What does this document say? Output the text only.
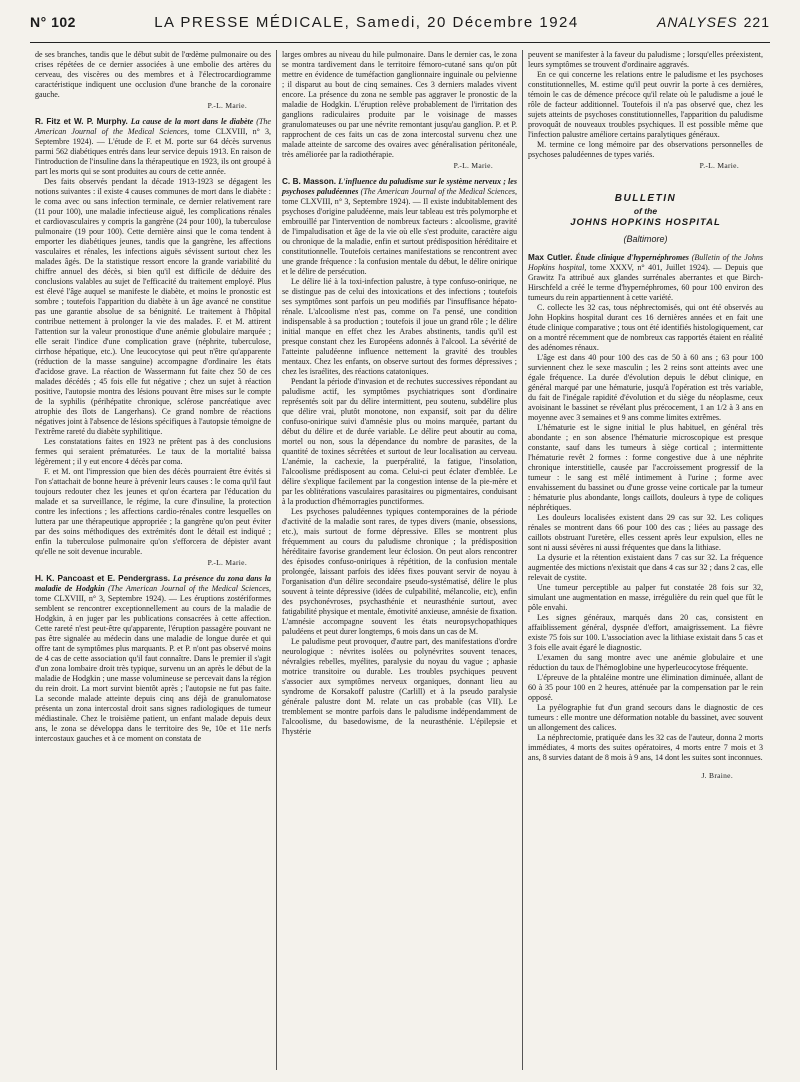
N° 102	LA PRESSE MÉDICALE, Samedi, 20 Décembre 1924	ANALYSES 221

de ses branches, tandis que le début subit de l'œdème pulmonaire ou des crises répétées de ce dernier associées à une embolie des artères du cerveau, des viscères ou des membres et à l'électrocardiogramme caractéristique indiquent une occlusion d'une branche de la coronaire gauche.

P.-L. Marie.

R. Fitz et W. P. Murphy. La cause de la mort dans le diabète (The American Journal of the Medical Sciences, tome CLXVIII, n° 3, Septembre 1924). — L'étude de F. et M. porte sur 64 décès survenus parmi 562 diabétiques entrés dans leur service depuis 1913. En raison de l'introduction de l'insuline dans la thérapeutique en 1923, ils ont groupé à part les morts qui se sont produites au cours de cette année.

Des faits observés pendant la décade 1913-1923 se dégagent les notions suivantes : il existe 4 causes communes de mort dans le diabète : le coma avec ou sans infection terminale, ce dernier relativement rare (11 pour 100), une maladie infectieuse aiguë, les complications rénales et cardiovasculaires y compris la gangrène (24 pour 100), la tuberculose pulmonaire (19 pour 100). Cette dernière ainsi que le coma tendent à emporter les diabétiques jeunes, tandis que la gangrène, les affections vasculaires et rénales, les infections aiguës sévissent surtout chez les malades âgés. De la statistique ressort encore la grande variabilité du chiffre annuel des décès, si bien qu'il est difficile de déduire des conclusions valables au sujet de l'efficacité du traitement employé. Plus est élevé l'âge auquel se manifeste le diabète, et moins le pronostic est sombre ; toutefois l'apparition du diabète à un âge avancé ne constitue pas une garantie absolue de sa bénignité. Le traitement à l'hôpital contribue nettement à prolonger la vie des malades. F. et M. attirent l'attention sur la valeur pronostique d'une anémie globulaire marquée ; elle serait l'indice d'une complication grave (néphrite, tuberculose, cirrhose hépatique, etc.). Une leucocytose qui peut n'être qu'apparente (réduction de la masse sanguine) accompagne d'ordinaire les états d'acidose grave. La réaction de Wassermann fut faite chez 50 de ces malades décédés ; 45 fois elle fut négative ; chez un sujet à réaction positive, l'autopsie montra des lésions pouvant être mises sur le compte de la syphilis (périhépatite chronique, sclérose pancréatique avec atrophie des îlots de Langerhans). Ce grand nombre de réactions négatives joint à l'absence de lésions spécifiques à l'autopsie témoigne de l'extrême rareté du diabète syphilitique.

Les constatations faites en 1923 ne prêtent pas à des conclusions fermes qui seraient prématurées. Le taux de la mortalité baissa légèrement ; il y eut encore 4 décès par coma.

F. et M. ont l'impression que bien des décès pourraient être évités si l'on s'attachait de bonne heure à prévenir leurs causes : le coma qu'il faut toujours redouter chez les jeunes et qu'on écartera par l'éducation du malade et sa surveillance, le régime, la cure d'insuline, la protection contre les infections ; les affections cardio-rénales contre lesquelles on luttera par une thérapeutique appropriée ; la gangrène qu'on peut éviter par des soins méthodiques des extrémités dont le détail est indiqué ; enfin la tuberculose pulmonaire qu'on s'efforcera de dépister avant qu'elle ne soit devenue incurable.

P.-L. Marie.

H. K. Pancoast et E. Pendergrass. La présence du zona dans la maladie de Hodgkin (The American Journal of the Medical Sciences, tome CLXVIII, n° 3, Septembre 1924). — Les éruptions zostériformes semblent se rencontrer exceptionnellement au cours de la maladie de Hodgkin, à en juger par les publications consacrées à cette affection. Cette rareté n'est peut-être qu'apparente, l'éruption passagère pouvant ne pas être signalée au médecin dans une maladie de longue durée et qui offre tant de symptômes plus marquants. P. et P. n'ont pas observé moins de 4 cas de cette association qu'il faut connaître. Dans le premier il s'agit d'un zona lombaire droit très typique, survenu un an après le début de la maladie de Hodgkin ; une masse volumineuse se percevait dans la région du rein droit. La mort survint bientôt après ; l'autopsie ne fut pas faite. La seconde malade atteinte depuis cinq ans déjà de granulomatose présenta un zona intercostal droit sans signes radiologiques de tumeur médiastinale. Chez le troisième patient, un enfant malade depuis deux ans, le zona se développa dans le territoire des 9e, 10e et 11e nerfs intercostaux gauches et à ce moment on constata de

larges ombres au niveau du hile pulmonaire. Dans le dernier cas, le zona se montra tardivement dans le territoire fémoro-cutané sans qu'on pût mettre en évidence de tuméfaction ganglionnaire inguinale ou pelvienne ; il disparut au bout de cinq semaines. Ces 3 derniers malades vivent encore. La présence du zona ne semble pas aggraver le pronostic de la maladie de Hodgkin. L'éruption relève probablement de l'irritation des ganglions radiculaires produite par le voisinage de masses granulomateuses ou par une névrite remontant jusqu'au ganglion. P. et P. rapprochent de ces faits un cas de zona intercostal survenu chez une malade atteinte de sarcome des ovaires avec généralisation péritonéale, très améliorée par la radiothérapie.

P.-L. Marie.

C. B. Masson. L'influence du paludisme sur le système nerveux ; les psychoses paludéennes (The American Journal of the Medical Sciences, tome CLXVIII, n° 3, Septembre 1924). — Il existe indubitablement des psychoses d'origine paludéenne, mais leur tableau est très polymorphe et embrouillé par l'intervention de nombreux facteurs : alcoolisme, gravité de l'impaludisation et âge de la vie où elle s'est produite, caractère aigu ou chronique de la maladie, enfin et surtout prédisposition héréditaire et constitutionnelle. Toutefois certaines manifestations se rencontrent avec une grande fréquence : la confusion mentale du début, le délire onirique et le délire de persécution.

Le délire lié à la toxi-infection palustre, à type confuso-onirique, ne se distingue pas de celui des intoxications et des infections ; toutefois ses symptômes sont parfois un peu modifiés par l'insuffisance hépato-rénale. L'alcoolisme n'est pas, comme on l'a pensé, une condition indispensable à sa production ; toutefois il joue un grand rôle ; le délire initial manque en effet chez les Arabes abstinents, tandis qu'il est presque constant chez les Européens adonnés à l'alcool. La sévérité de l'atteinte paludéenne influence nettement la gravité des troubles mentaux. Chez les enfants, on observe surtout des formes dépressives ; chez les israélites, des réactions catatoniques.

Pendant la période d'invasion et de rechutes successives répondant au paludisme actif, les symptômes psychiatriques sont d'ordinaire représentés soit par du délire intermittent, peu soutenu, subdélire plus que délire vrai, plutôt monotone, non expansif, soit par du délire confuso-onirique suivi d'amnésie plus ou moins marquée, partant du début du délire et de durée variable. Le délire peut aboutir au coma, mortel ou non, sous la dépendance du nombre de parasites, de la quantité de toxines sécrétées et surtout de leur localisation au cerveau. L'anémie, la cachexie, la puerpéralité, la fatigue, l'insolation, l'alcoolisme prédisposent au coma. Celui-ci peut éclater d'emblée. Le délire s'explique facilement par la congestion intense de la pie-mère et par les oblitérations vasculaires parasitaires ou pigmentaires, conduisant à la production d'hémorragies punctiformes.

Les psychoses paludéennes typiques contemporaines de la période d'activité de la maladie sont rares, de types divers (manie, obsessions, etc.), mais surtout de forme dépressive. Elles se montrent plus fréquemment au cours du paludisme chronique ; la prédisposition héréditaire favorise grandement leur éclosion. On peut alors rencontrer des épisodes confuso-oniriques à répétition, de la confusion mentale prolongée, laissant parfois des idées fixes pouvant servir de noyau à l'organisation d'un délire secondaire pseudo-systématisé, délire le plus souvent à teinte dépressive (idées de culpabilité, mélancolie, etc), enfin des psychonévroses, psychasthénie et neurasthénie surtout, avec fatigabilité physique et mentale, émotivité anxieuse, amnésie de fixation. L'amnésie accompagne souvent les états neuropsychopathiques paludéens et peut durer longtemps, 6 mois dans un cas de M.

Le paludisme peut provoquer, d'autre part, des manifestations d'ordre neurologique : névrites isolées ou polynévrites souvent tenaces, névralgies rebelles, myélites, paralysie du noyau du vague ; aphasie motrice transitoire ou durable. Les troubles psychiques peuvent s'associer aux symptômes nerveux organiques, donnant lieu au syndrome de Korsakoff palustre (Carlill) et à la pseudo paralysie générale palustre dont M. relate un cas probable (cas VII). Le tremblement se montre parfois dans le paludisme indépendamment de l'alcoolisme, du basedowisme, de la neurasthénie. L'épilepsie et l'hystérie

peuvent se manifester à la faveur du paludisme ; lorsqu'elles préexistent, leurs symptômes se trouvent d'ordinaire aggravés.

En ce qui concerne les relations entre le paludisme et les psychoses constitutionnelles, M. estime qu'il peut ouvrir la porte à ces dernières, témoin le cas de démence précoce qu'il relate où le paludisme a joué le rôle de facteur additionnel. Toutefois il n'a pas observé que, chez les sujets atteints de psychoses constitutionnelles, l'apparition du paludisme provoquât de nouveaux troubles psychiques. Il est possible même que l'infection palustre améliore certains paralytiques généraux.

M. termine ce long mémoire par des observations personnelles de psychoses paludéennes de types variés.

P.-L. Marie.
BULLETIN
of the
JOHNS HOPKINS HOSPITAL
(Baltimore)

Max Cutler. Étude clinique d'hypernéphromes (Bulletin of the Johns Hopkins hospital, tome XXXV, n° 401, Juillet 1924). — Depuis que Grawitz l'a attribué aux glandes surrénales aberrantes et que Birch-Hirschfeld a créé le terme d'hypernéphromes, 60 pour 100 environ des tumeurs du rein appartiennent à cette variété.

C. collecte les 32 cas, tous néphrectomisés, qui ont été observés au John Hopkins hospital durant ces 16 dernières années et en fait une étude clinique comparative ; tous ont été identifiés histologiquement, car on a montré récemment que de nombreux cas rapportés étaient en réalité des adénomes rénaux.

L'âge est dans 40 pour 100 des cas de 50 à 60 ans ; 63 pour 100 surviennent chez le sexe masculin ; les 2 reins sont atteints avec une égale fréquence. La durée d'évolution depuis le début clinique, en général marqué par une hématurie, jusqu'à l'opération est très variable, du fait de l'inégale rapidité d'évolution et du siège du néoplasme, ceux avoisinant le bassinet se révélant plus précocement, 1 an 1/2 à 3 ans en moyenne avec 3 semaines et 9 ans comme limites extrêmes.

L'hématurie est le signe initial le plus habituel, en général très abondante ; en son absence l'hématurie microscopique est presque constante, sauf dans les tumeurs à siège cortical ; intermittente l'hématurie revêt 2 formes : forme congestive due à une néphrite chronique interstitielle, causée par l'accroissement progressif de la tumeur : le sang est mêlé intimement à l'urine ; forme avec envahissement du bassinet ou d'une grosse veine corticale par la tumeur : hématurie plus abondante, longs caillots, douleurs à type de coliques néphrétiques.

Les douleurs localisées existent dans 29 cas sur 32. Les coliques rénales se montrent dans 66 pour 100 des cas ; liées au passage des caillots obstruant l'uretère, elles cessent après leur expulsion, elles ne sont ni aussi sévères ni aussi fréquentes que dans la lithiase.

La dysurie et la rétention existaient dans 7 cas sur 32. La fréquence augmentée des mictions n'existait que dans 4 cas sur 32 ; dans 2 cas, elle relevait de cystite.

Une tumeur perceptible au palper fut constatée 28 fois sur 32, simulant une augmentation en masse, irrégulière du rein quel que fût le pôle envahi.

Les signes généraux, marqués dans 20 cas, consistent en affaiblissement général, dyspnée d'effort, amaigrissement. La fièvre existe 75 fois sur 100. L'association avec la lithiase existait dans 5 cas et 3 fois elle avait égaré le diagnostic.

L'examen du sang montre avec une anémie globulaire et une réduction du taux de l'hémoglobine une hyperleucocytose fréquente.

L'épreuve de la phtaléine montre une élimination diminuée, allant de 60 à 35 pour 100 en 2 heures, atténuée par la compensation par le rein opposé.

La pyélographie fut d'un grand secours dans le diagnostic de ces tumeurs : elle montre une déformation notable du bassinet, avec souvent un allongement des calices.

La néphrectomie, pratiquée dans les 32 cas de l'auteur, donna 2 morts immédiates, 4 morts des suites opératoires, 4 morts entre 7 mois et 3 ans, 8 survies datant de 8 mois à 9 ans, 14 dont les suites sont inconnues.

J. Braine.
